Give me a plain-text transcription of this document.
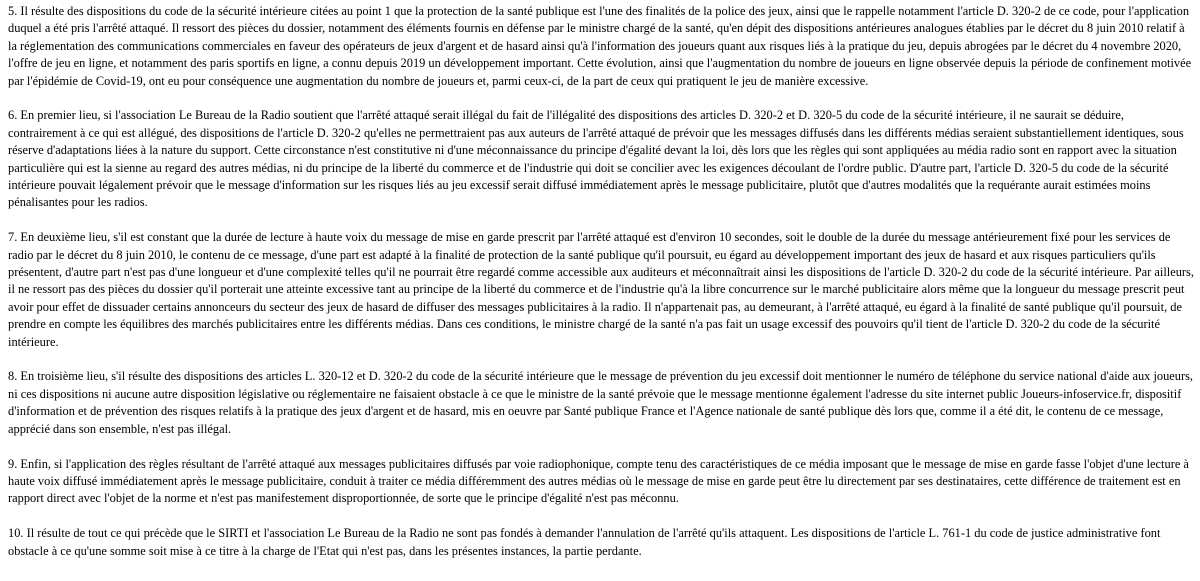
5. Il résulte des dispositions du code de la sécurité intérieure citées au point 1 que la protection de la santé publique est l'une des finalités de la police des jeux, ainsi que le rappelle notamment l'article D. 320-2 de ce code, pour l'application duquel a été pris l'arrêté attaqué. Il ressort des pièces du dossier, notamment des éléments fournis en défense par le ministre chargé de la santé, qu'en dépit des dispositions antérieures analogues établies par le décret du 8 juin 2010 relatif à la réglementation des communications commerciales en faveur des opérateurs de jeux d'argent et de hasard ainsi qu'à l'information des joueurs quant aux risques liés à la pratique du jeu, depuis abrogées par le décret du 4 novembre 2020, l'offre de jeu en ligne, et notamment des paris sportifs en ligne, a connu depuis 2019 un développement important. Cette évolution, ainsi que l'augmentation du nombre de joueurs en ligne observée depuis la période de confinement motivée par l'épidémie de Covid-19, ont eu pour conséquence une augmentation du nombre de joueurs et, parmi ceux-ci, de la part de ceux qui pratiquent le jeu de manière excessive.

6. En premier lieu, si l'association Le Bureau de la Radio soutient que l'arrêté attaqué serait illégal du fait de l'illégalité des dispositions des articles D. 320-2 et D. 320-5 du code de la sécurité intérieure, il ne saurait se déduire, contrairement à ce qui est allégué, des dispositions de l'article D. 320-2 qu'elles ne permettraient pas aux auteurs de l'arrêté attaqué de prévoir que les messages diffusés dans les différents médias seraient substantiellement identiques, sous réserve d'adaptations liées à la nature du support. Cette circonstance n'est constitutive ni d'une méconnaissance du principe d'égalité devant la loi, dès lors que les règles qui sont appliquées au média radio sont en rapport avec la situation particulière qui est la sienne au regard des autres médias, ni du principe de la liberté du commerce et de l'industrie qui doit se concilier avec les exigences découlant de l'ordre public. D'autre part, l'article D. 320-5 du code de la sécurité intérieure pouvait légalement prévoir que le message d'information sur les risques liés au jeu excessif serait diffusé immédiatement après le message publicitaire, plutôt que d'autres modalités que la requérante aurait estimées moins pénalisantes pour les radios.

7. En deuxième lieu, s'il est constant que la durée de lecture à haute voix du message de mise en garde prescrit par l'arrêté attaqué est d'environ 10 secondes, soit le double de la durée du message antérieurement fixé pour les services de radio par le décret du 8 juin 2010, le contenu de ce message, d'une part est adapté à la finalité de protection de la santé publique qu'il poursuit, eu égard au développement important des jeux de hasard et aux risques particuliers qu'ils présentent, d'autre part n'est pas d'une longueur et d'une complexité telles qu'il ne pourrait être regardé comme accessible aux auditeurs et méconnaîtrait ainsi les dispositions de l'article D. 320-2 du code de la sécurité intérieure. Par ailleurs, il ne ressort pas des pièces du dossier qu'il porterait une atteinte excessive tant au principe de la liberté du commerce et de l'industrie qu'à la libre concurrence sur le marché publicitaire alors même que la longueur du message prescrit peut avoir pour effet de dissuader certains annonceurs du secteur des jeux de hasard de diffuser des messages publicitaires à la radio. Il n'appartenait pas, au demeurant, à l'arrêté attaqué, eu égard à la finalité de santé publique qu'il poursuit, de prendre en compte les équilibres des marchés publicitaires entre les différents médias. Dans ces conditions, le ministre chargé de la santé n'a pas fait un usage excessif des pouvoirs qu'il tient de l'article D. 320-2 du code de la sécurité intérieure.

8. En troisième lieu, s'il résulte des dispositions des articles L. 320-12 et D. 320-2 du code de la sécurité intérieure que le message de prévention du jeu excessif doit mentionner le numéro de téléphone du service national d'aide aux joueurs, ni ces dispositions ni aucune autre disposition législative ou réglementaire ne faisaient obstacle à ce que le ministre de la santé prévoie que le message mentionne également l'adresse du site internet public Joueurs-infoservice.fr, dispositif d'information et de prévention des risques relatifs à la pratique des jeux d'argent et de hasard, mis en oeuvre par Santé publique France et l'Agence nationale de santé publique dès lors que, comme il a été dit, le contenu de ce message, apprécié dans son ensemble, n'est pas illégal.

9. Enfin, si l'application des règles résultant de l'arrêté attaqué aux messages publicitaires diffusés par voie radiophonique, compte tenu des caractéristiques de ce média imposant que le message de mise en garde fasse l'objet d'une lecture à haute voix diffusé immédiatement après le message publicitaire, conduit à traiter ce média différemment des autres médias où le message de mise en garde peut être lu directement par ses destinataires, cette différence de traitement est en rapport direct avec l'objet de la norme et n'est pas manifestement disproportionnée, de sorte que le principe d'égalité n'est pas méconnu.

10. Il résulte de tout ce qui précède que le SIRTI et l'association Le Bureau de la Radio ne sont pas fondés à demander l'annulation de l'arrêté qu'ils attaquent. Les dispositions de l'article L. 761-1 du code de justice administrative font obstacle à ce qu'une somme soit mise à ce titre à la charge de l'Etat qui n'est pas, dans les présentes instances, la partie perdante.
